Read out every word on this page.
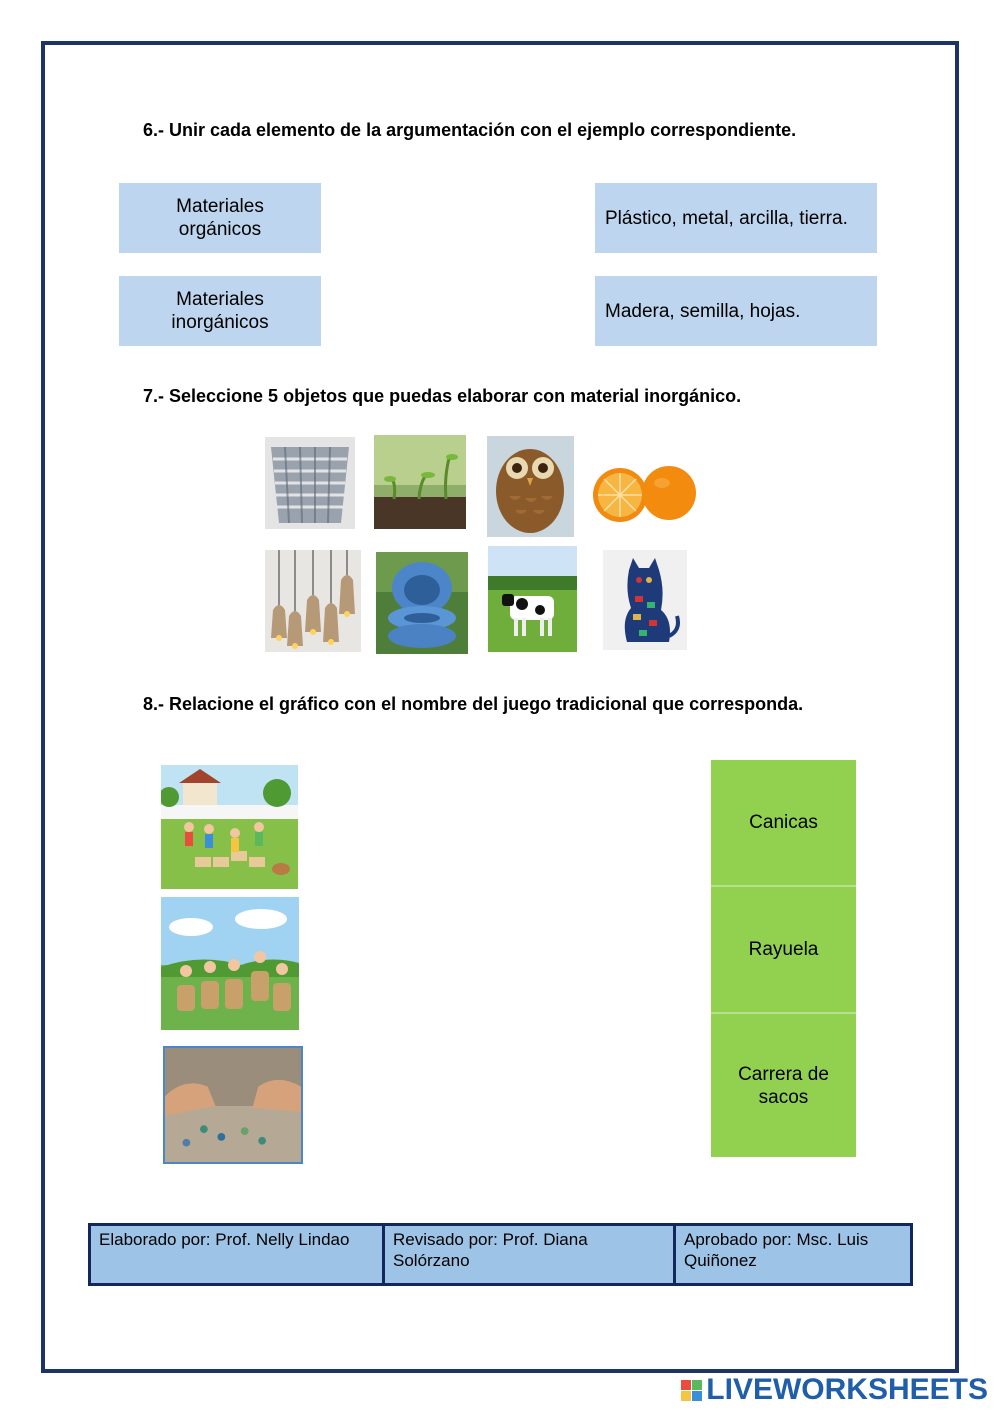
6.- Unir cada elemento de la argumentación con el ejemplo correspondiente.
Materiales orgánicos
Materiales inorgánicos
Plástico, metal, arcilla, tierra.
Madera, semilla, hojas.
7.- Seleccione 5 objetos que puedas elaborar con material inorgánico.
8.- Relacione el gráfico con el nombre del juego tradicional que corresponda.
Canicas
Rayuela
Carrera de sacos
Elaborado por: Prof. Nelly Lindao	Revisado por: Prof. Diana Solórzano
Aprobado por: Msc. Luis Quiñonez
LIVEWORKSHEETS
